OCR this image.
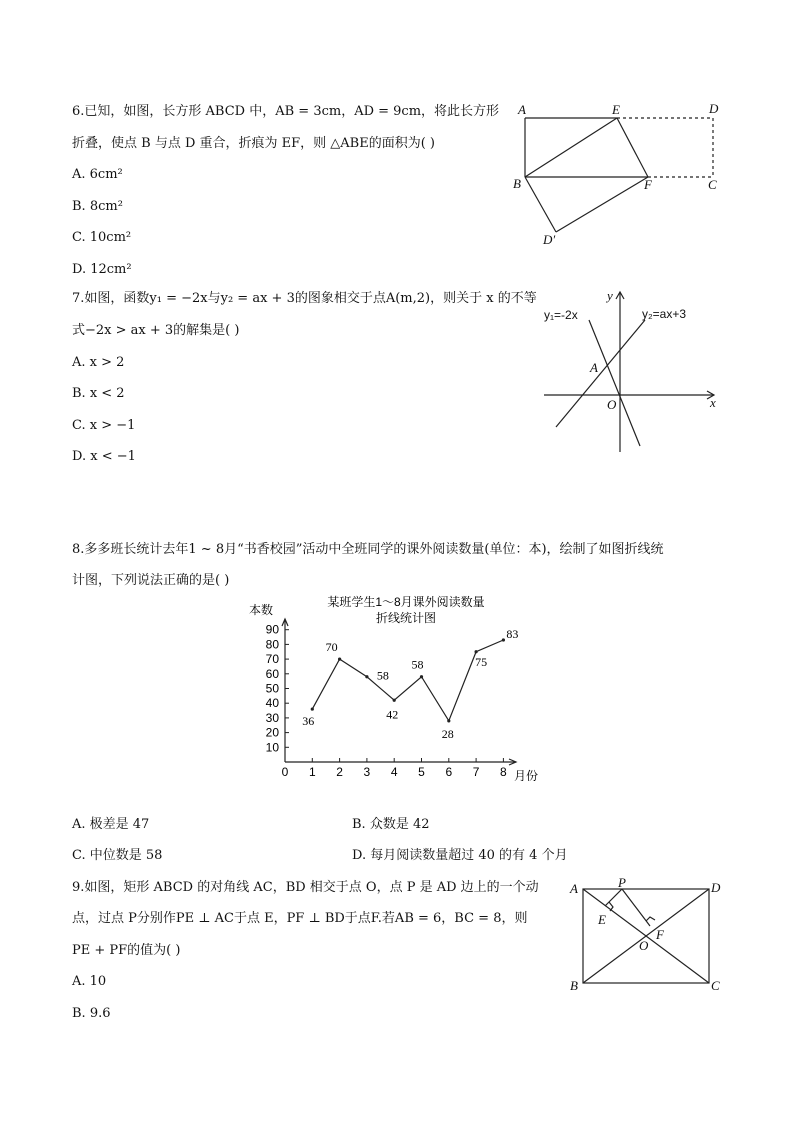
6.已知，如图，长方形 ABCD 中，AB = 3cm，AD = 9cm，将此长方形
折叠，使点 B 与点 D 重合，折痕为 EF，则 △ABE的面积为( )
A. 6cm²
B. 8cm²
C. 10cm²
D. 12cm²
A	E	D
B	F	C
D′
7.如图，函数y₁ = −2x与y₂ = ax + 3的图象相交于点A(m,2)，则关于 x 的不等
式−2x > ax + 3的解集是( )
A. x > 2
B. x < 2
C. x > −1
D. x < −1
y
x
O
A
y₁=-2x	y₂=ax+3
8.多多班长统计去年1 ~ 8月“书香校园”活动中全班同学的课外阅读数量(单位：本)，绘制了如图折线统
计图，下列说法正确的是( )
某班学生1～8月课外阅读数量
折线统计图
本数
月份
10
20
30
40
50
60
70
80
90
0 1 2 3 4 5 6 7 8
36
70
58
42
58
28
75
83
A. 极差是 47	B. 众数是 42
C. 中位数是 58	D. 每月阅读数量超过 40 的有 4 个月
9.如图，矩形 ABCD 的对角线 AC，BD 相交于点 O，点 P 是 AD 边上的一个动
点，过点 P分别作PE ⊥ AC于点 E，PF ⊥ BD于点F.若AB = 6，BC = 8，则
PE + PF的值为( )
A. 10
B. 9.6
A	P	D
E
F
O
B	C
